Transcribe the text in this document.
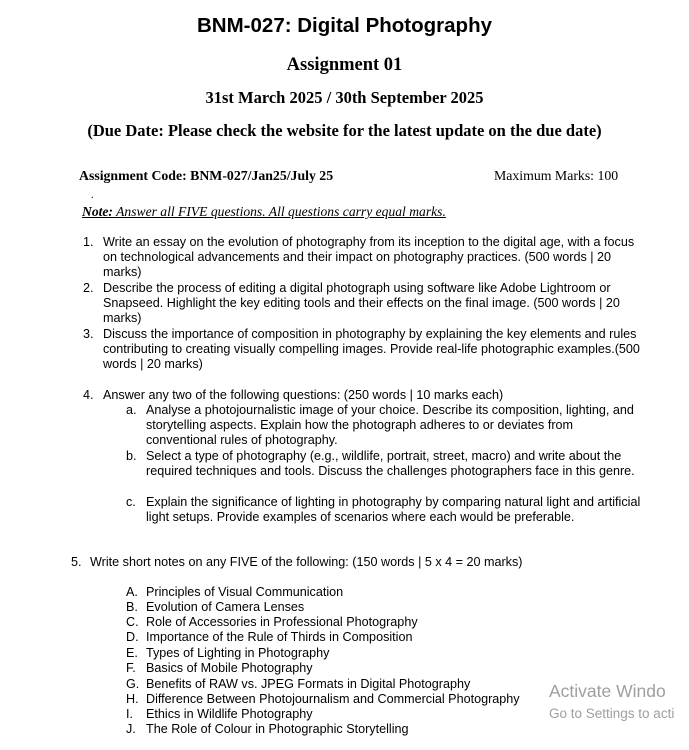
BNM-027: Digital Photography
Assignment 01
31st March 2025 / 30th September 2025
(Due Date: Please check the website for the latest update on the due date)
Assignment Code: BNM-027/Jan25/July 25	Maximum Marks: 100
.
Note: Answer all FIVE questions. All questions carry equal marks.
1. Write an essay on the evolution of photography from its inception to the digital age, with a focus on technological advancements and their impact on photography practices. (500 words | 20 marks)
2. Describe the process of editing a digital photograph using software like Adobe Lightroom or Snapseed. Highlight the key editing tools and their effects on the final image. (500 words | 20 marks)
3. Discuss the importance of composition in photography by explaining the key elements and rules contributing to creating visually compelling images. Provide real-life photographic examples.(500 words | 20 marks)
4. Answer any two of the following questions: (250 words | 10 marks each)
a. Analyse a photojournalistic image of your choice. Describe its composition, lighting, and storytelling aspects. Explain how the photograph adheres to or deviates from conventional rules of photography.
b. Select a type of photography (e.g., wildlife, portrait, street, macro) and write about the required techniques and tools. Discuss the challenges photographers face in this genre.
c. Explain the significance of lighting in photography by comparing natural light and artificial light setups. Provide examples of scenarios where each would be preferable.
5. Write short notes on any FIVE of the following: (150 words | 5 x 4 = 20 marks)
A. Principles of Visual Communication
B. Evolution of Camera Lenses
C. Role of Accessories in Professional Photography
D. Importance of the Rule of Thirds in Composition
E. Types of Lighting in Photography
F. Basics of Mobile Photography
G. Benefits of RAW vs. JPEG Formats in Digital Photography
H. Difference Between Photojournalism and Commercial Photography
I. Ethics in Wildlife Photography
J. The Role of Colour in Photographic Storytelling
Activate Windo
Go to Settings to acti
